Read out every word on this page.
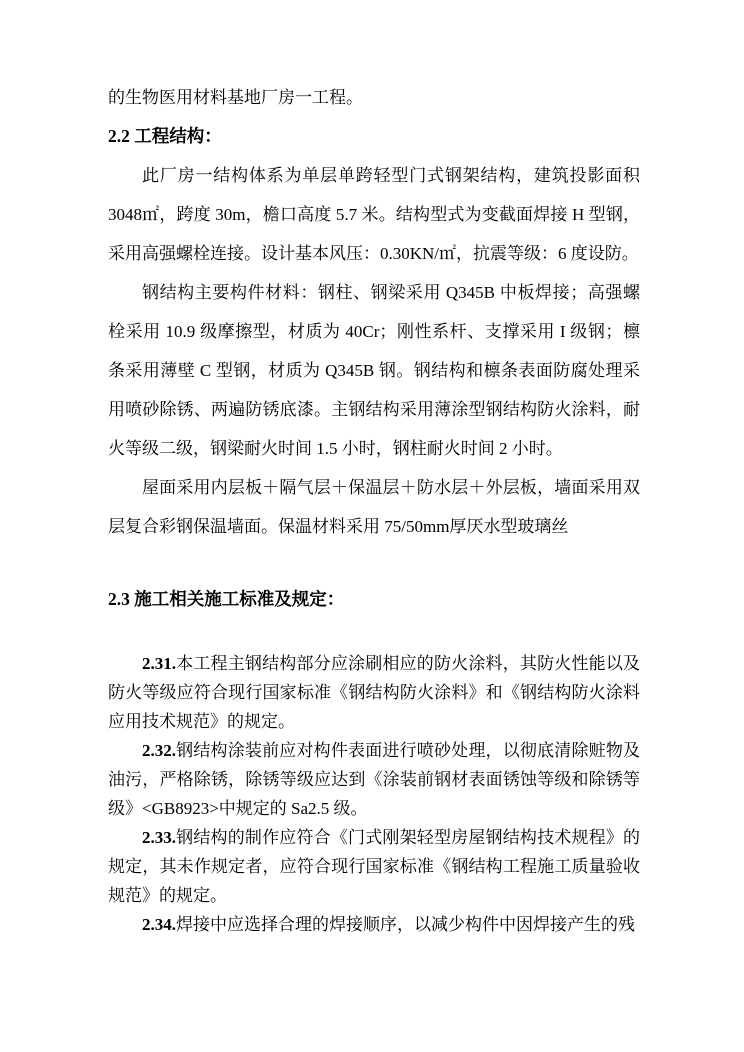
的生物医用材料基地厂房一工程。

2.2 工程结构：

此厂房一结构体系为单层单跨轻型门式钢架结构，建筑投影面积 3048㎡，跨度 30m，檐口高度 5.7 米。结构型式为变截面焊接 H 型钢，采用高强螺栓连接。设计基本风压：0.30KN/㎡，抗震等级：6 度设防。

钢结构主要构件材料：钢柱、钢梁采用 Q345B 中板焊接；高强螺栓采用 10.9 级摩擦型，材质为 40Cr；刚性系杆、支撑采用 I 级钢；檩条采用薄壁 C 型钢，材质为 Q345B 钢。钢结构和檩条表面防腐处理采用喷砂除锈、两遍防锈底漆。主钢结构采用薄涂型钢结构防火涂料，耐火等级二级，钢梁耐火时间 1.5 小时，钢柱耐火时间 2 小时。

屋面采用内层板＋隔气层＋保温层＋防水层＋外层板，墙面采用双层复合彩钢保温墙面。保温材料采用 75/50mm厚厌水型玻璃丝

2.3 施工相关施工标准及规定：

2.31.本工程主钢结构部分应涂刷相应的防火涂料，其防火性能以及防火等级应符合现行国家标准《钢结构防火涂料》和《钢结构防火涂料应用技术规范》的规定。

2.32.钢结构涂装前应对构件表面进行喷砂处理，以彻底清除赃物及油污，严格除锈，除锈等级应达到《涂装前钢材表面锈蚀等级和除锈等级》<GB8923>中规定的 Sa2.5 级。

2.33.钢结构的制作应符合《门式刚架轻型房屋钢结构技术规程》的规定，其未作规定者，应符合现行国家标准《钢结构工程施工质量验收规范》的规定。

2.34.焊接中应选择合理的焊接顺序，以减少构件中因焊接产生的残
